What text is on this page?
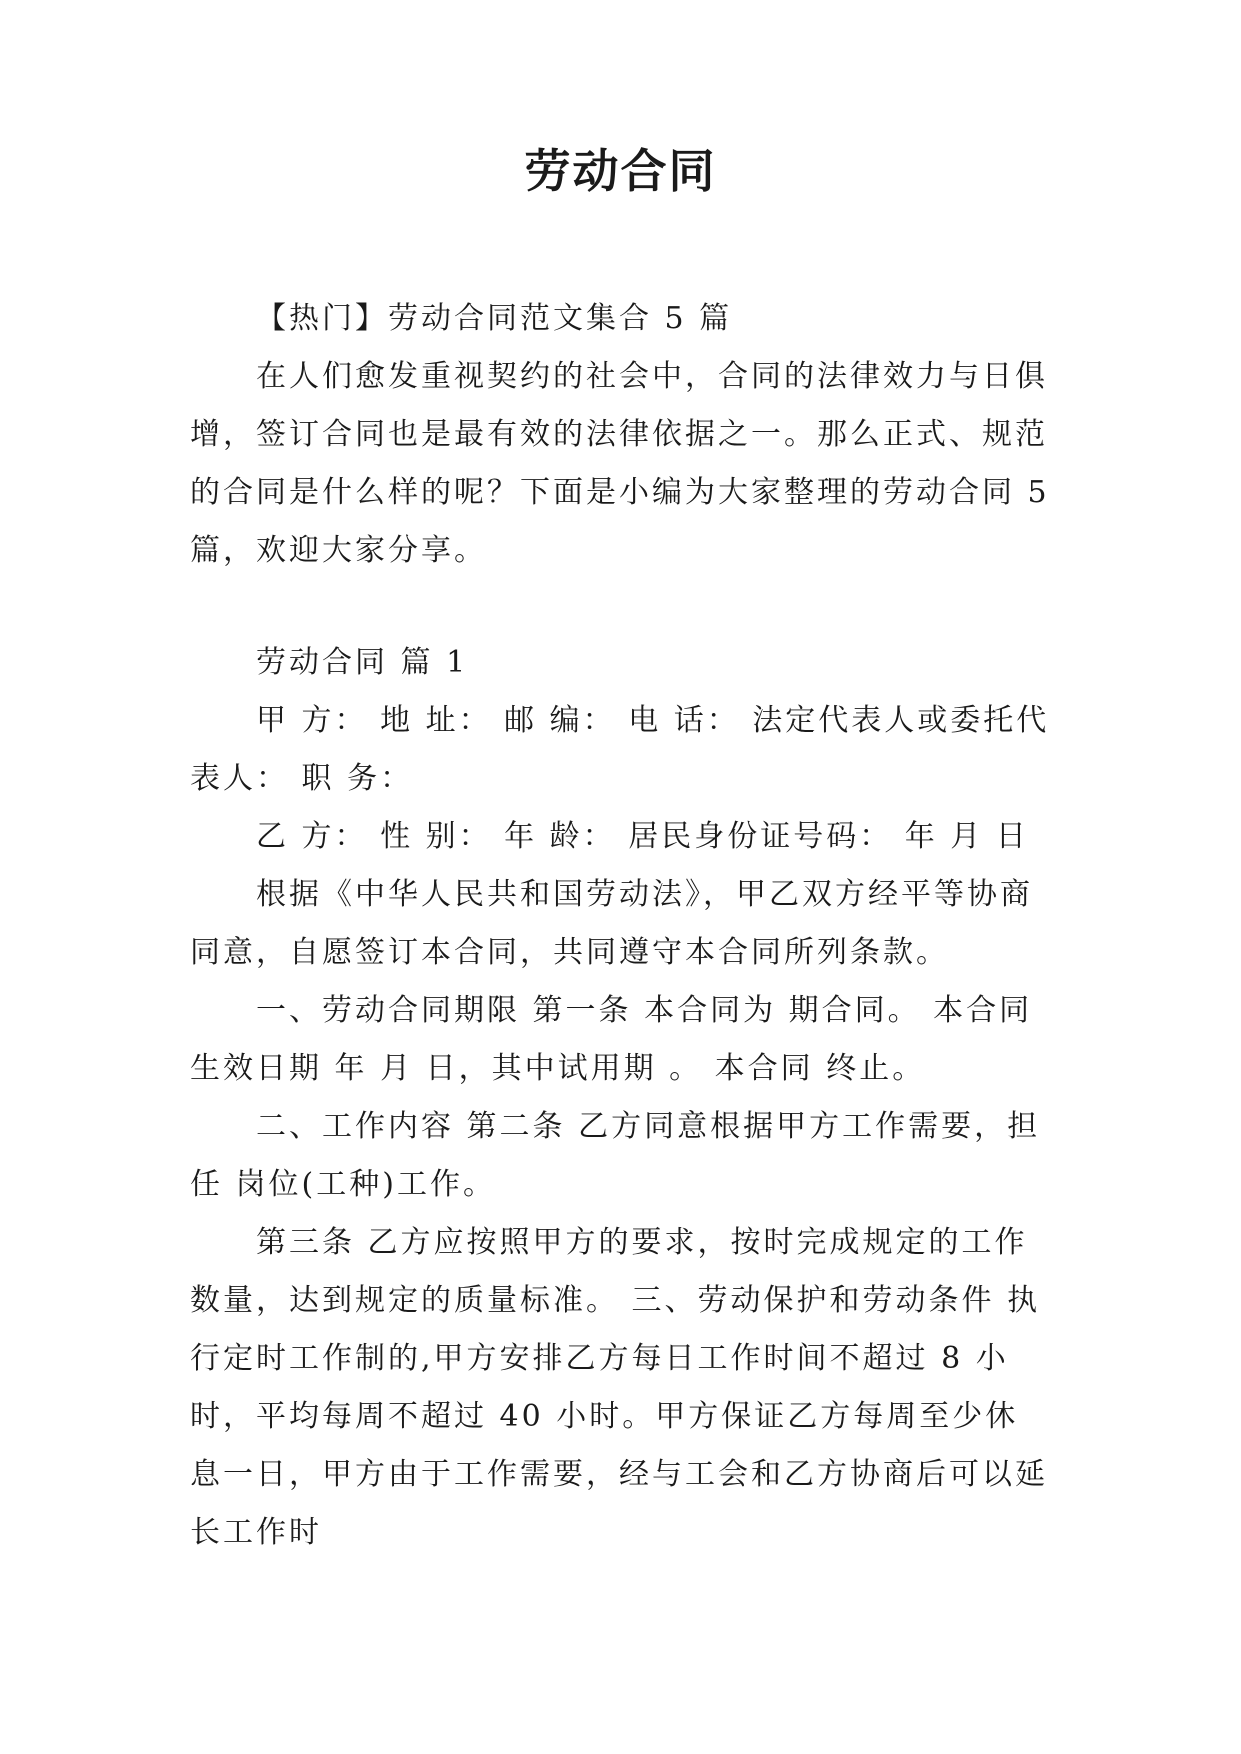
劳动合同

【热门】劳动合同范文集合 5 篇

在人们愈发重视契约的社会中，合同的法律效力与日俱增，签订合同也是最有效的法律依据之一。那么正式、规范的合同是什么样的呢？下面是小编为大家整理的劳动合同 5篇，欢迎大家分享。

劳动合同 篇 1

甲 方： 地 址： 邮 编： 电 话： 法定代表人或委托代表人： 职 务：

乙 方： 性 别： 年 龄： 居民身份证号码： 年 月 日

根据《中华人民共和国劳动法》，甲乙双方经平等协商同意，自愿签订本合同，共同遵守本合同所列条款。

一、劳动合同期限 第一条 本合同为 期合同。 本合同生效日期 年 月 日，其中试用期 。 本合同 终止。

二、工作内容 第二条 乙方同意根据甲方工作需要，担任 岗位(工种)工作。

第三条 乙方应按照甲方的要求，按时完成规定的工作数量，达到规定的质量标准。 三、劳动保护和劳动条件 执行定时工作制的,甲方安排乙方每日工作时间不超过 8 小时，平均每周不超过 40 小时。甲方保证乙方每周至少休息一日，甲方由于工作需要，经与工会和乙方协商后可以延长工作时
